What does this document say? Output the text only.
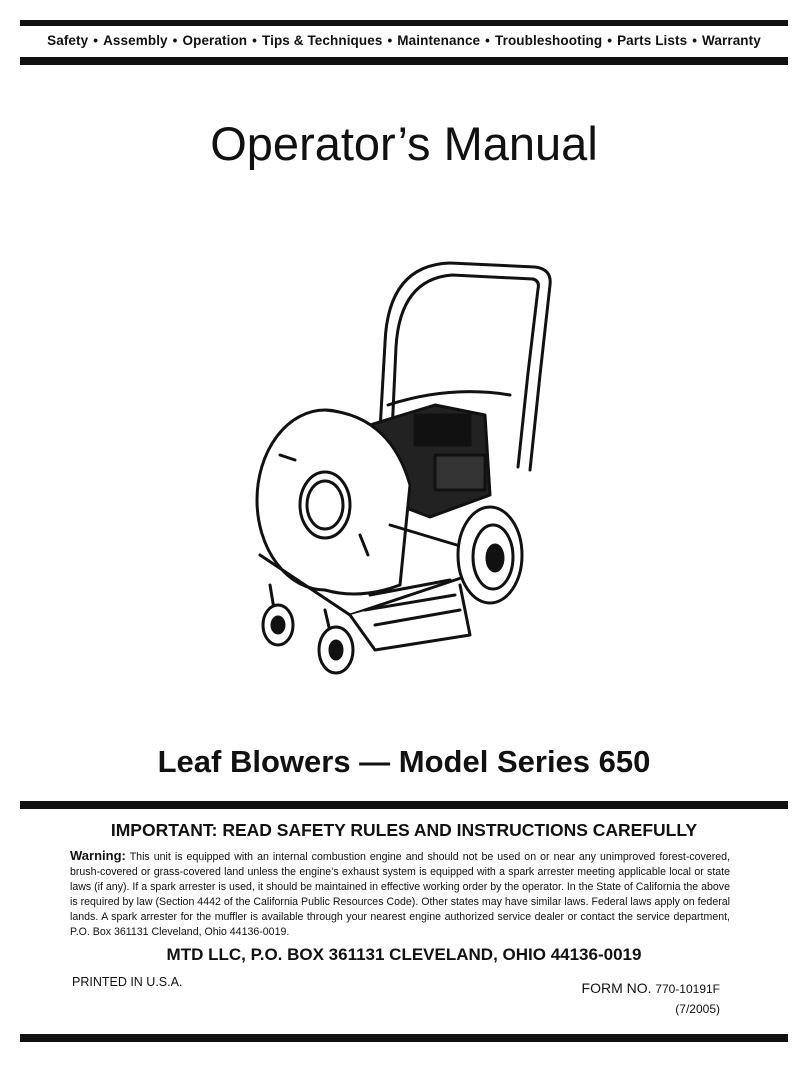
Safety • Assembly • Operation • Tips & Techniques • Maintenance • Troubleshooting • Parts Lists • Warranty
Operator’s Manual
Leaf Blowers — Model Series 650
IMPORTANT: READ SAFETY RULES AND INSTRUCTIONS CAREFULLY

Warning: This unit is equipped with an internal combustion engine and should not be used on or near any unimproved forest-covered, brush-covered or grass-covered land unless the engine’s exhaust system is equipped with a spark arrester meeting applicable local or state laws (if any). If a spark arrester is used, it should be maintained in effective working order by the operator. In the State of California the above is required by law (Section 4442 of the California Public Resources Code). Other states may have similar laws. Federal laws apply on federal lands. A spark arrester for the muffler is available through your nearest engine authorized service dealer or contact the service department, P.O. Box 361131 Cleveland, Ohio 44136-0019.

MTD LLC, P.O. BOX 361131 CLEVELAND, OHIO 44136-0019

PRINTED IN U.S.A.	FORM NO. 770-10191F

(7/2005)
